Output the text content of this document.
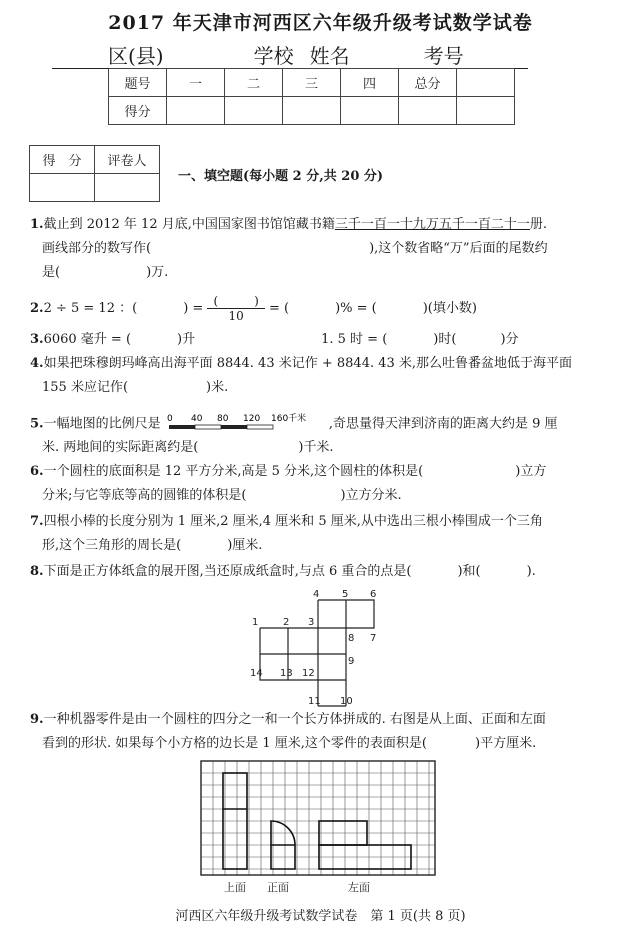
2017 年天津市河西区六年级升级考试数学试卷
区(县)	学校 姓名	考号
题号	一	二	三	四	总分	
得分						
得　分	评卷人

一、填空题(每小题 2 分,共 20 分)
1.截止到 2012 年 12 月底,中国国家图书馆馆藏书籍三千一百一十九万五千一百二十一册.
画线部分的数写作(	),这个数省略“万”后面的尾数约
是(	)万.
2.2 ÷ 5 = 12 ：(	) = $\frac{( )}{10}$ = (	)% = (	)(填小数)
3.6060 毫升 = (	)升	1. 5 时 = (	)时(	)分
4.如果把珠穆朗玛峰高出海平面 8844. 43 米记作 + 8844. 43 米,那么吐鲁番盆地低于海平面
155 米应记作(	)米.
5.一幅地图的比例尺是 0 40 80 120 160千米 ,奇思量得天津到济南的距离大约是 9 厘
米. 两地间的实际距离约是(	)千米.
6.一个圆柱的底面积是 12 平方分米,高是 5 分米,这个圆柱的体积是(	)立方
分米;与它等底等高的圆锥的体积是(	)立方分米.
7.四根小棒的长度分别为 1 厘米,2 厘米,4 厘米和 5 厘米,从中选出三根小棒围成一个三角
形,这个三角形的周长是(	)厘米.
8.下面是正方体纸盒的展开图,当还原成纸盒时,与点 6 重合的点是(	)和(	).
1 2 3
4 5 6
7
8
9
10
11
12
13
14
9.一种机器零件是由一个圆柱的四分之一和一个长方体拼成的. 右图是从上面、正面和左面
看到的形状. 如果每个小方格的边长是 1 厘米,这个零件的表面积是(	)平方厘米.
上面 正面	左面
河西区六年级升级考试数学试卷　第 1 页(共 8 页)
